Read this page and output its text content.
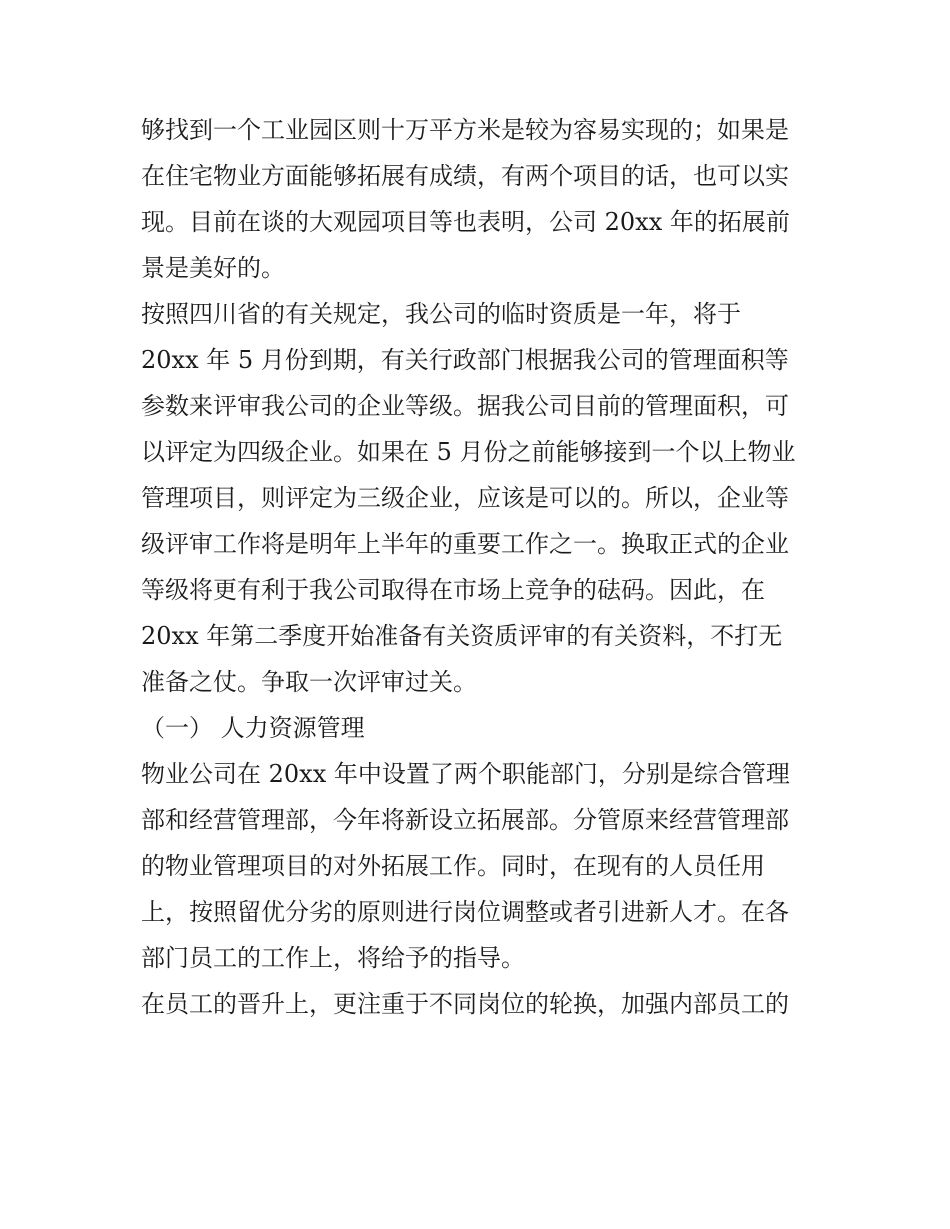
够找到一个工业园区则十万平方米是较为容易实现的；如果是
在住宅物业方面能够拓展有成绩，有两个项目的话，也可以实
现。目前在谈的大观园项目等也表明，公司 20xx 年的拓展前
景是美好的。
按照四川省的有关规定，我公司的临时资质是一年，将于
20xx 年 5 月份到期，有关行政部门根据我公司的管理面积等
参数来评审我公司的企业等级。据我公司目前的管理面积，可
以评定为四级企业。如果在 5 月份之前能够接到一个以上物业
管理项目，则评定为三级企业，应该是可以的。所以，企业等
级评审工作将是明年上半年的重要工作之一。换取正式的企业
等级将更有利于我公司取得在市场上竞争的砝码。因此，在
20xx 年第二季度开始准备有关资质评审的有关资料，不打无
准备之仗。争取一次评审过关。
（一） 人力资源管理
物业公司在 20xx 年中设置了两个职能部门，分别是综合管理
部和经营管理部，今年将新设立拓展部。分管原来经营管理部
的物业管理项目的对外拓展工作。同时，在现有的人员任用
上，按照留优分劣的原则进行岗位调整或者引进新人才。在各
部门员工的工作上，将给予的指导。
在员工的晋升上，更注重于不同岗位的轮换，加强内部员工的
